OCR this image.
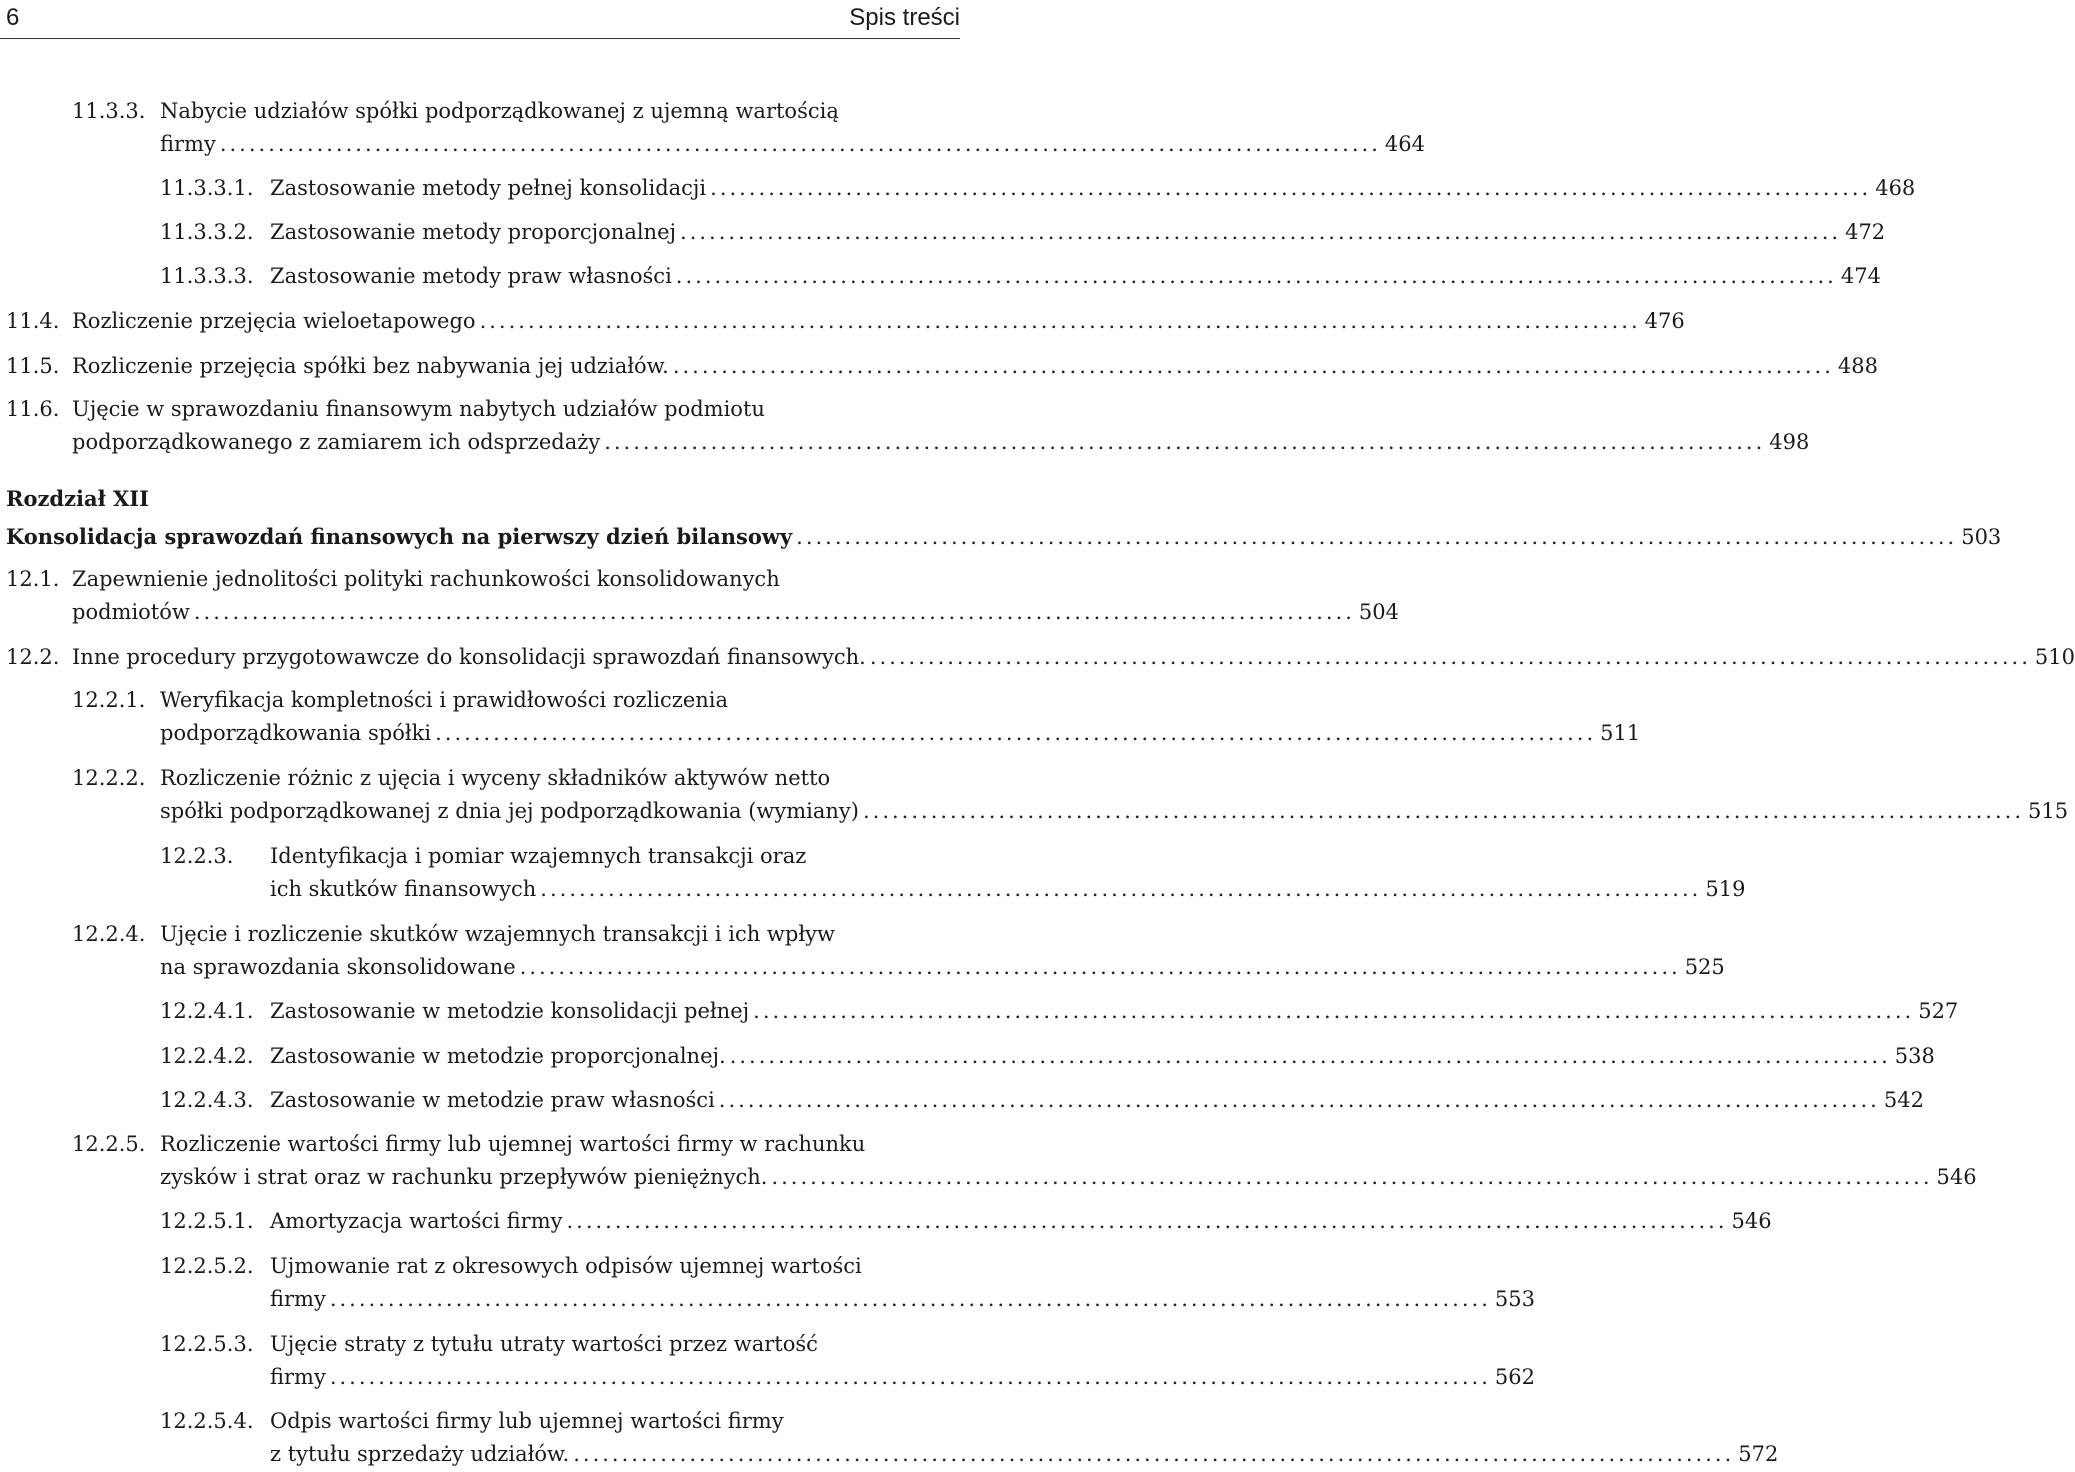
6	Spis treści
Rozdział XII
11.3.3. Nabycie udziałów spółki podporządkowanej z ujemną wartością
firmy ........................................................................................................................ 464
11.3.3.1. Zastosowanie metody pełnej konsolidacji ........................................................................................................................ 468
11.3.3.2. Zastosowanie metody proporcjonalnej ........................................................................................................................ 472
11.3.3.3. Zastosowanie metody praw własności ........................................................................................................................ 474
11.4. Rozliczenie przejęcia wieloetapowego ........................................................................................................................ 476
11.5. Rozliczenie przejęcia spółki bez nabywania jej udziałów. ........................................................................................................................ 488
11.6. Ujęcie w sprawozdaniu finansowym nabytych udziałów podmiotu
podporządkowanego z zamiarem ich odsprzedaży ........................................................................................................................ 498
Konsolidacja sprawozdań finansowych na pierwszy dzień bilansowy ........................................................................................................................ 503
12.1. Zapewnienie jednolitości polityki rachunkowości konsolidowanych
podmiotów ........................................................................................................................ 504
12.2. Inne procedury przygotowawcze do konsolidacji sprawozdań finansowych. ........................................................................................................................ 510
12.2.1. Weryfikacja kompletności i prawidłowości rozliczenia
podporządkowania spółki ........................................................................................................................ 511
12.2.2. Rozliczenie różnic z ujęcia i wyceny składników aktywów netto
spółki podporządkowanej z dnia jej podporządkowania (wymiany) ........................................................................................................................ 515
12.2.3. Identyfikacja i pomiar wzajemnych transakcji oraz
ich skutków finansowych ........................................................................................................................ 519
12.2.4. Ujęcie i rozliczenie skutków wzajemnych transakcji i ich wpływ
na sprawozdania skonsolidowane ........................................................................................................................ 525
12.2.4.1. Zastosowanie w metodzie konsolidacji pełnej ........................................................................................................................ 527
12.2.4.2. Zastosowanie w metodzie proporcjonalnej. ........................................................................................................................ 538
12.2.4.3. Zastosowanie w metodzie praw własności ........................................................................................................................ 542
12.2.5. Rozliczenie wartości firmy lub ujemnej wartości firmy w rachunku
zysków i strat oraz w rachunku przepływów pieniężnych. ........................................................................................................................ 546
12.2.5.1. Amortyzacja wartości firmy ........................................................................................................................ 546
12.2.5.2. Ujmowanie rat z okresowych odpisów ujemnej wartości
firmy ........................................................................................................................ 553
12.2.5.3. Ujęcie straty z tytułu utraty wartości przez wartość
firmy ........................................................................................................................ 562
12.2.5.4. Odpis wartości firmy lub ujemnej wartości firmy
z tytułu sprzedaży udziałów. ........................................................................................................................ 572
